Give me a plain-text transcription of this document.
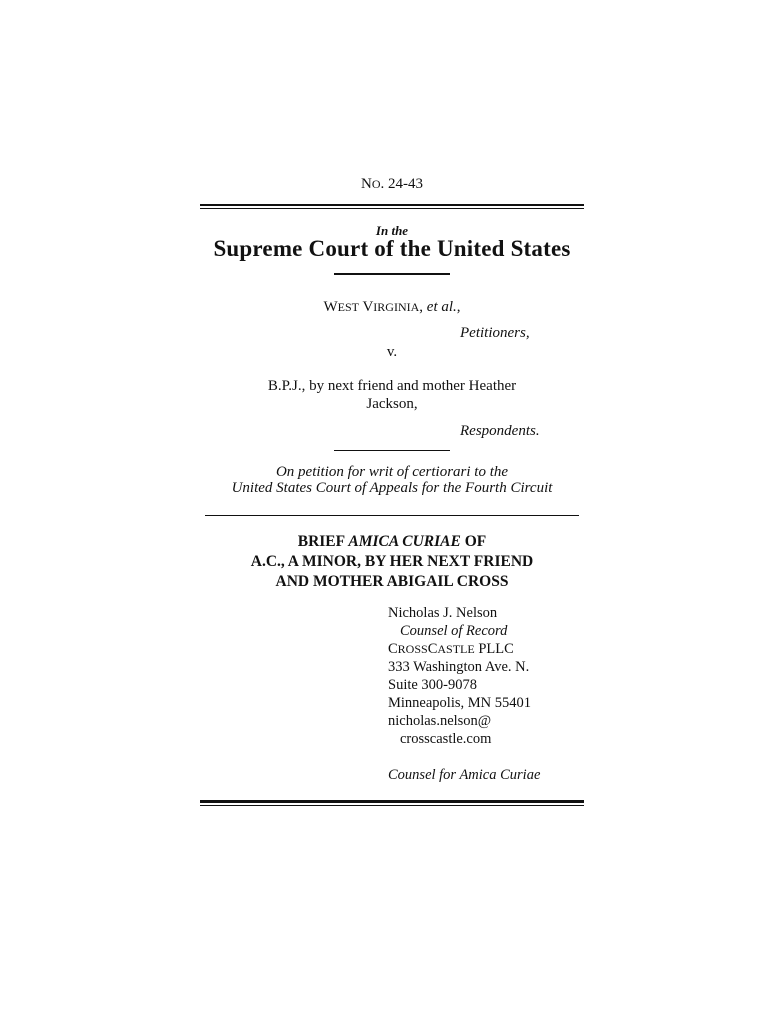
NO. 24-43
In the
Supreme Court of the United States
WEST VIRGINIA, et al.,
Petitioners,
v.
B.P.J., by next friend and mother Heather
Jackson,
Respondents.
On petition for writ of certiorari to the
United States Court of Appeals for the Fourth Circuit
BRIEF AMICA CURIAE OF
A.C., A MINOR, BY HER NEXT FRIEND
AND MOTHER ABIGAIL CROSS
Nicholas J. Nelson
Counsel of Record
CROSSCASTLE PLLC
333 Washington Ave. N.
Suite 300-9078
Minneapolis, MN 55401
nicholas.nelson@
crosscastle.com
Counsel for Amica Curiae
